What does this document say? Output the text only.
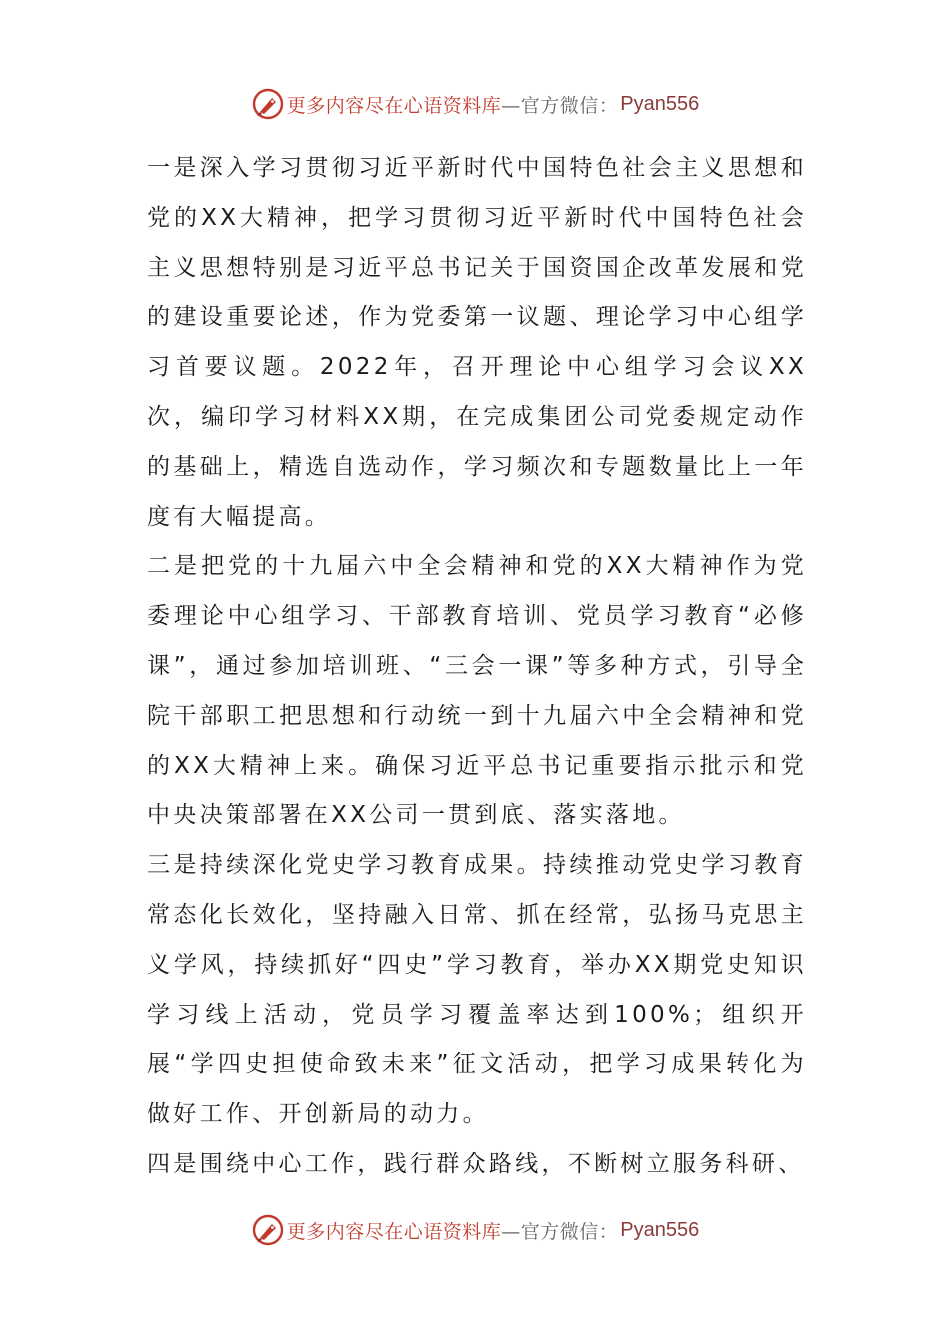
更多内容尽在心语资料库 —官方微信： Pyan556

一是深入学习贯彻习近平新时代中国特色社会主义思想和党的XX大精神，把学习贯彻习近平新时代中国特色社会主义思想特别是习近平总书记关于国资国企改革发展和党的建设重要论述，作为党委第一议题、理论学习中心组学习首要议题。2022年，召开理论中心组学习会议XX次，编印学习材料XX期，在完成集团公司党委规定动作的基础上，精选自选动作，学习频次和专题数量比上一年度有大幅提高。

二是把党的十九届六中全会精神和党的XX大精神作为党委理论中心组学习、干部教育培训、党员学习教育“必修课”，通过参加培训班、“三会一课”等多种方式，引导全院干部职工把思想和行动统一到十九届六中全会精神和党的XX大精神上来。确保习近平总书记重要指示批示和党中央决策部署在XX公司一贯到底、落实落地。

三是持续深化党史学习教育成果。持续推动党史学习教育常态化长效化，坚持融入日常、抓在经常，弘扬马克思主义学风，持续抓好“四史”学习教育，举办XX期党史知识学习线上活动，党员学习覆盖率达到100%；组织开展“学四史担使命致未来”征文活动，把学习成果转化为做好工作、开创新局的动力。

四是围绕中心工作，践行群众路线，不断树立服务科研、

更多内容尽在心语资料库 —官方微信： Pyan556
